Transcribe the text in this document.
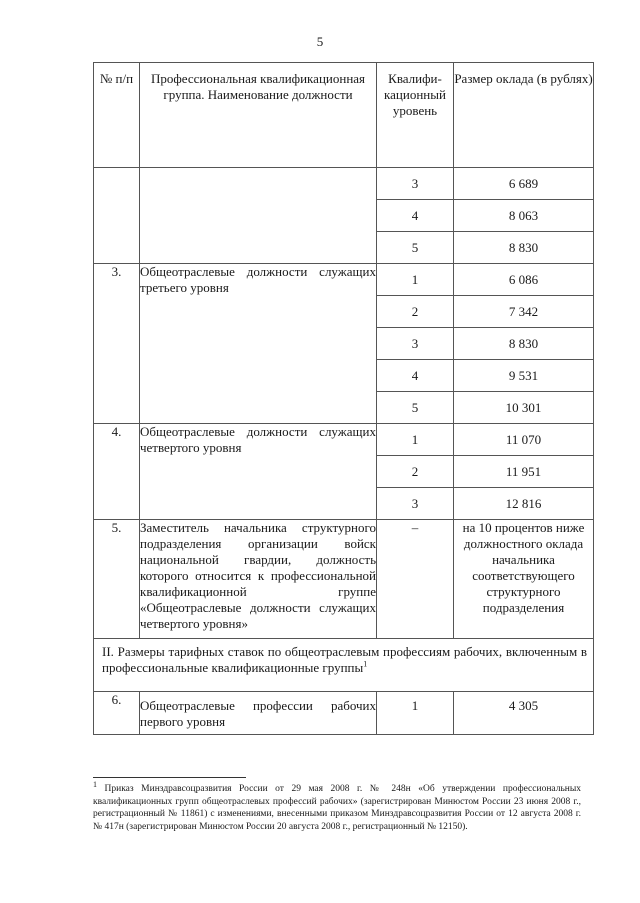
5
№ п/п	Профессиональная квалификационная группа. Наименование должности	Квалифи-кационный уровень	Размер оклада (в рублях)
		3	6 689
		4	8 063
		5	8 830
3.	Общеотраслевые должности служащих третьего уровня	1	6 086
		2	7 342
		3	8 830
		4	9 531
		5	10 301
4.	Общеотраслевые должности служащих четвертого уровня	1	11 070
		2	11 951
		3	12 816
5.	Заместитель начальника структурного подразделения организации войск национальной гвардии, должность которого относится к профессиональной квалификационной группе «Общеотраслевые должности служащих четвертого уровня»	–	на 10 процентов ниже должностного оклада начальника соответствующего структурного подразделения
II. Размеры тарифных ставок по общеотраслевым профессиям рабочих, включенным в профессиональные квалификационные группы$^1$
6.	Общеотраслевые профессии рабочих первого уровня	1	4 305
$^1$ Приказ Минздравсоцразвития России от 29 мая 2008 г. № 248н «Об утверждении профессиональных квалификационных групп общеотраслевых профессий рабочих» (зарегистрирован Минюстом России 23 июня 2008 г., регистрационный № 11861) с изменениями, внесенными приказом Минздравсоцразвития России от 12 августа 2008 г. № 417н (зарегистрирован Минюстом России 20 августа 2008 г., регистрационный № 12150).
